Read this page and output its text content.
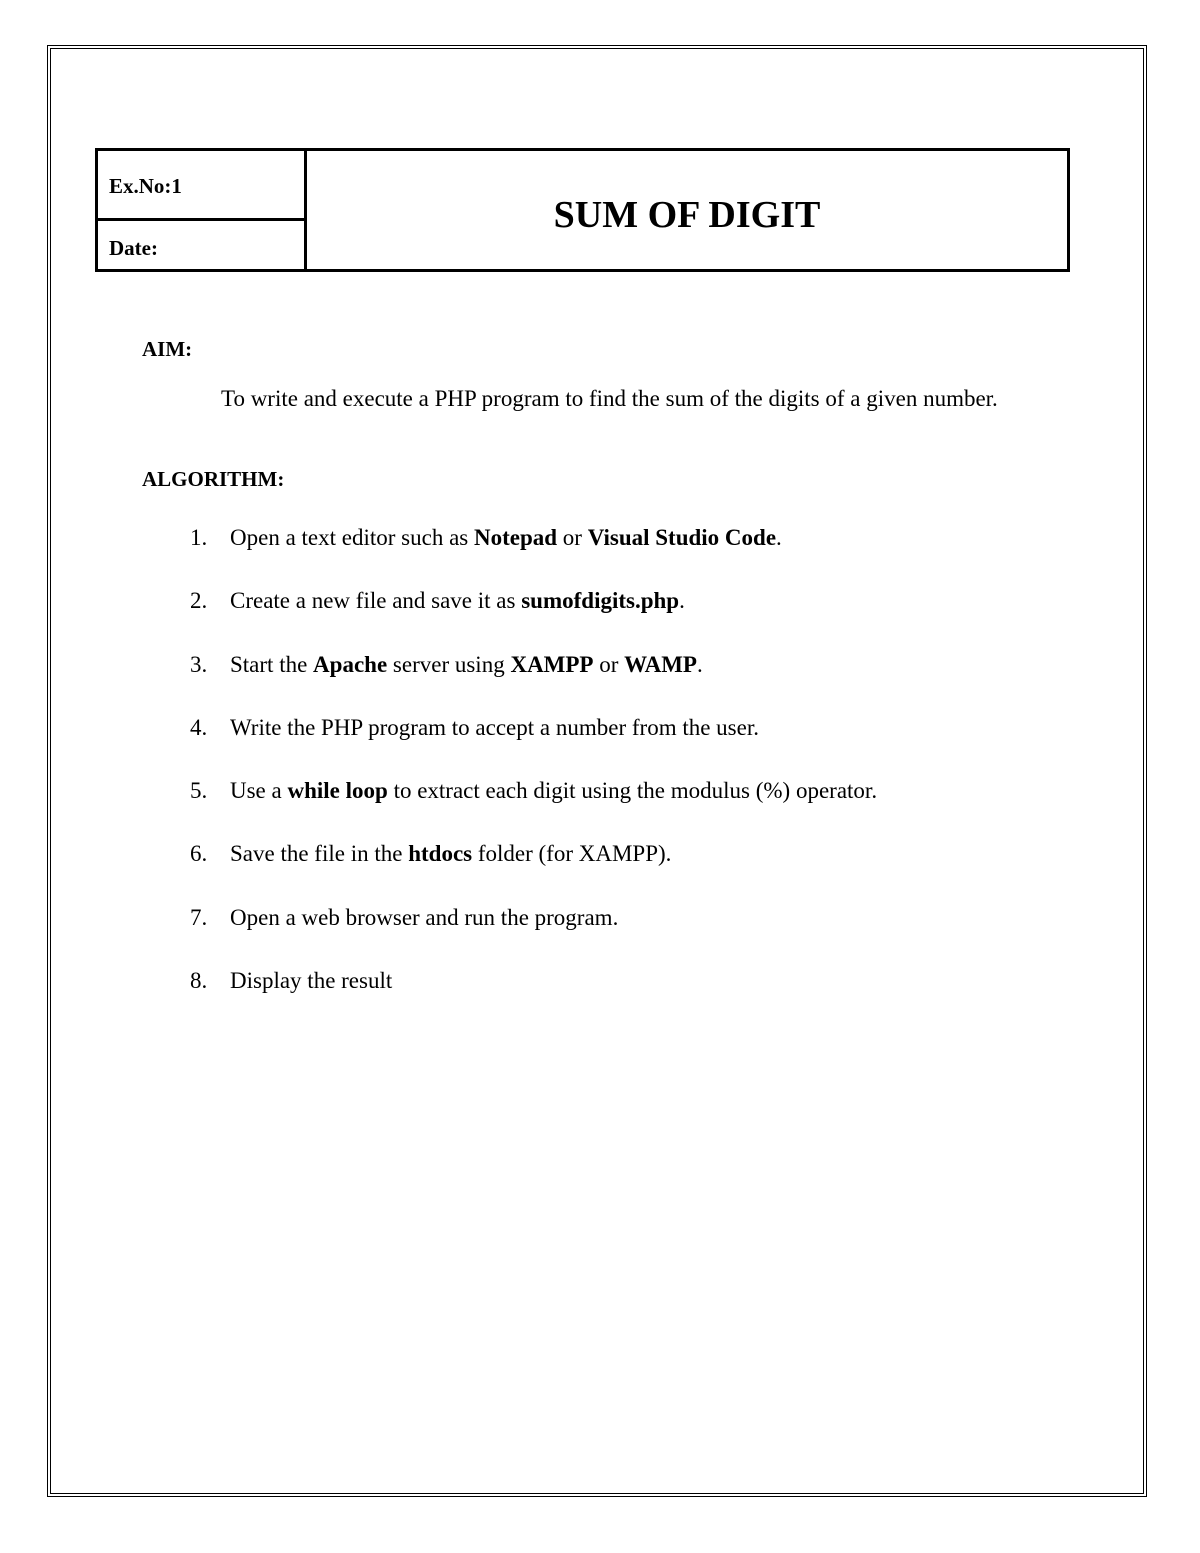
Ex.No:1
Date:
SUM OF DIGIT
AIM:
To write and execute a PHP program to find the sum of the digits of a given number.
ALGORITHM:
1. Open a text editor such as Notepad or Visual Studio Code.
2. Create a new file and save it as sumofdigits.php.
3. Start the Apache server using XAMPP or WAMP.
4. Write the PHP program to accept a number from the user.
5. Use a while loop to extract each digit using the modulus (%) operator.
6. Save the file in the htdocs folder (for XAMPP).
7. Open a web browser and run the program.
8. Display the result
